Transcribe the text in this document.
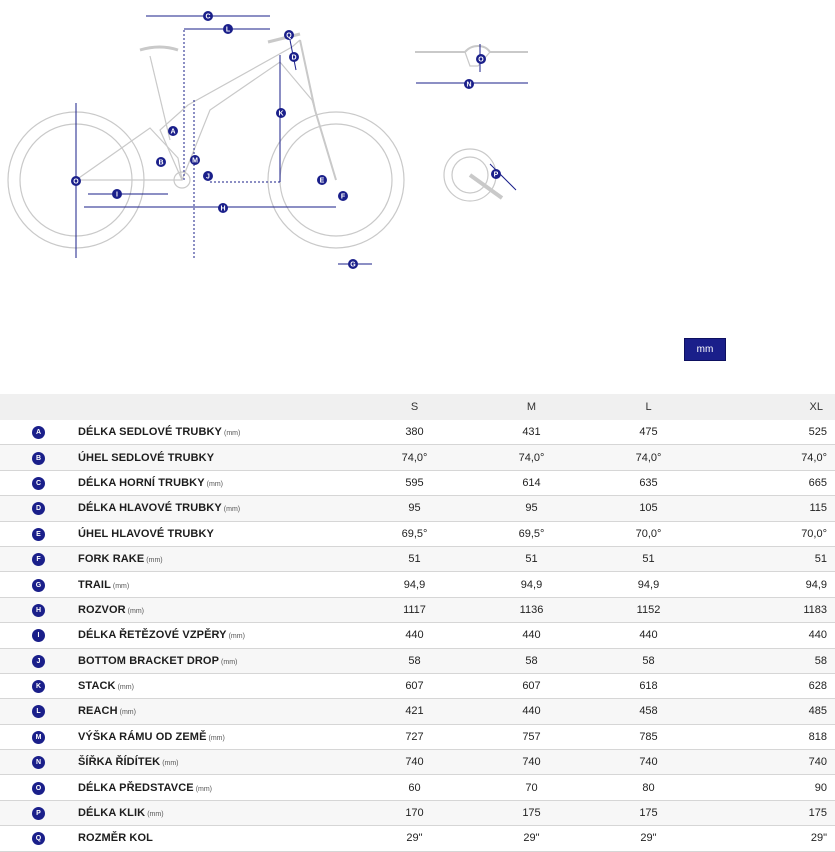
C
L
Q
D
K
A
B	M
J
O
I
H
E
F
G
O
N
P
mm
		S	M	L	XL
A	DÉLKA SEDLOVÉ TRUBKY (mm)	380	431	475	525
B	ÚHEL SEDLOVÉ TRUBKY	74,0°	74,0°	74,0°	74,0°
C	DÉLKA HORNÍ TRUBKY (mm)	595	614	635	665
D	DÉLKA HLAVOVÉ TRUBKY (mm)	95	95	105	115
E	ÚHEL HLAVOVÉ TRUBKY	69,5°	69,5°	70,0°	70,0°
F	FORK RAKE (mm)	51	51	51	51
G	TRAIL (mm)	94,9	94,9	94,9	94,9
H	ROZVOR (mm)	1117	1136	1152	1183
I	DÉLKA ŘETĚZOVÉ VZPĚRY (mm)	440	440	440	440
J	BOTTOM BRACKET DROP (mm)	58	58	58	58
K	STACK (mm)	607	607	618	628
L	REACH (mm)	421	440	458	485
M	VÝŠKA RÁMU OD ZEMĚ (mm)	727	757	785	818
N	ŠÍŘKA ŘÍDÍTEK (mm)	740	740	740	740
O	DÉLKA PŘEDSTAVCE (mm)	60	70	80	90
P	DÉLKA KLIK (mm)	170	175	175	175
Q	ROZMĚR KOL	29"	29"	29"	29"
